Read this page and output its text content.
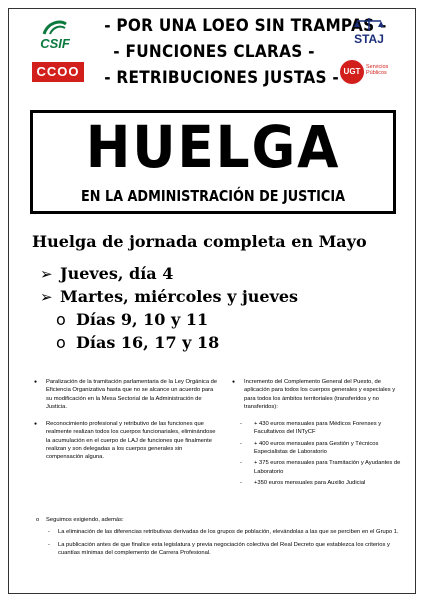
CSIF
CCOO
- POR UNA LOEO SIN TRAMPAS -
- FUNCIONES CLARAS -
- RETRIBUCIONES JUSTAS -
STAJ
UGT	Servicios Públicos
HUELGA
EN LA ADMINISTRACIÓN DE JUSTICIA
Huelga de jornada completa en Mayo
➢ Jueves, día 4
➢ Martes, miércoles y jueves
o Días 9, 10 y 11
o Días 16, 17 y 18
● Paralización de la tramitación parlamentaria de la Ley Orgánica de Eficiencia Organizativa hasta que no se alcance un acuerdo para su modificación en la Mesa Sectorial de la Administración de Justicia.
● Reconocimiento profesional y retributivo de las funciones que realmente realizan todos los cuerpos funcionariales, eliminándose la acumulación en el cuerpo de LAJ de funciones que finalmente realizan y son delegadas a los cuerpos generales sin compensación alguna.
● Incremento del Complemento General del Puesto, de aplicación para todos los cuerpos generales y especiales y para todos los ámbitos territoriales (transferidos y no transferidos):
- + 430 euros mensuales para Médicos Forenses y Facultativos del INTyCF
- + 400 euros mensuales para Gestión y Técnicos Especialistas de Laboratorio
- + 375 euros mensuales para Tramitación y Ayudantes de Laboratorio
- +350 euros mensuales para Auxilio Judicial
o Seguimos exigiendo, además:
- La eliminación de las diferencias retributivas derivadas de los grupos de población, elevándolas a las que se perciben en el Grupo 1.
- La publicación antes de que finalice esta legislatura y previa negociación colectiva del Real Decreto que establezca los criterios y cuantías mínimas del complemento de Carrera Profesional.
